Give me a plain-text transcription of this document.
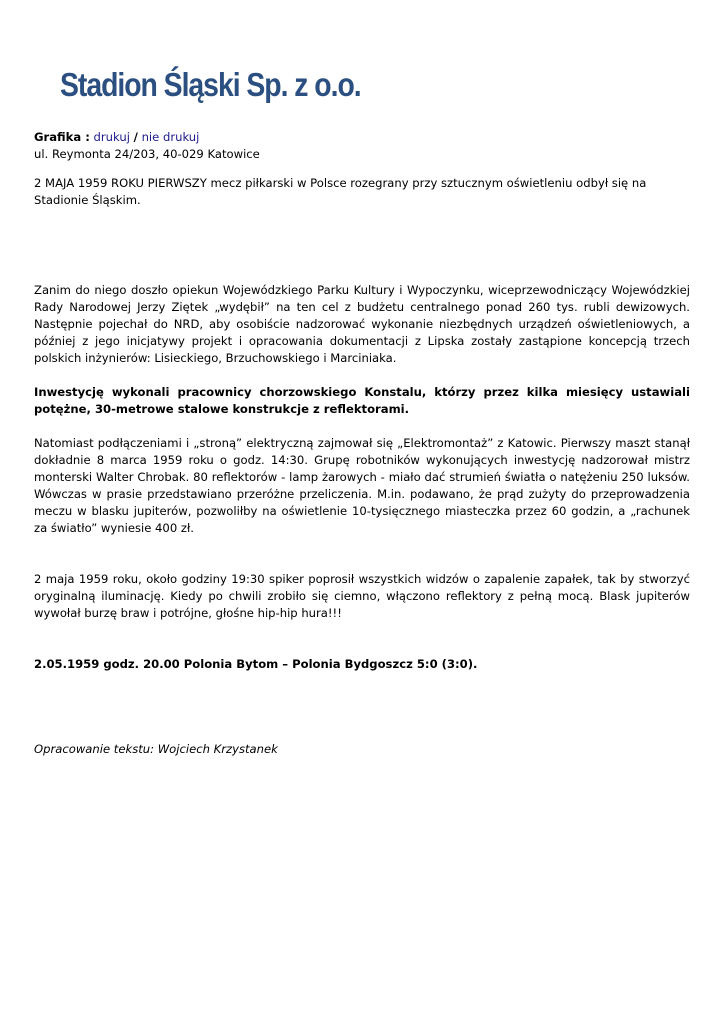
Stadion Śląski Sp. z o.o.
Grafika : drukuj / nie drukuj
ul. Reymonta 24/203, 40-029 Katowice

2 MAJA 1959 ROKU PIERWSZY mecz piłkarski w Polsce rozegrany przy sztucznym oświetleniu odbył się na Stadionie Śląskim.

Zanim do niego doszło opiekun Wojewódzkiego Parku Kultury i Wypoczynku, wiceprzewodniczący Wojewódzkiej Rady Narodowej Jerzy Ziętek „wydębił” na ten cel z budżetu centralnego ponad 260 tys. rubli dewizowych. Następnie pojechał do NRD, aby osobiście nadzorować wykonanie niezbędnych urządzeń oświetleniowych, a później z jego inicjatywy projekt i opracowania dokumentacji z Lipska zostały zastąpione koncepcją trzech polskich inżynierów: Lisieckiego, Brzuchowskiego i Marciniaka.

Inwestycję wykonali pracownicy chorzowskiego Konstalu, którzy przez kilka miesięcy ustawiali potężne, 30-metrowe stalowe konstrukcje z reflektorami.

Natomiast podłączeniami i „stroną” elektryczną zajmował się „Elektromontaż” z Katowic. Pierwszy maszt stanął dokładnie 8 marca 1959 roku o godz. 14:30. Grupę robotników wykonujących inwestycję nadzorował mistrz monterski Walter Chrobak. 80 reflektorów - lamp żarowych - miało dać strumień światła o natężeniu 250 luksów. Wówczas w prasie przedstawiano przeróżne przeliczenia. M.in. podawano, że prąd zużyty do przeprowadzenia meczu w blasku jupiterów, pozwoliłby na oświetlenie 10-tysięcznego miasteczka przez 60 godzin, a „rachunek za światło” wyniesie 400 zł.

2 maja 1959 roku, około godziny 19:30 spiker poprosił wszystkich widzów o zapalenie zapałek, tak by stworzyć oryginalną iluminację. Kiedy po chwili zrobiło się ciemno, włączono reflektory z pełną mocą. Blask jupiterów wywołał burzę braw i potrójne, głośne hip-hip hura!!!

2.05.1959 godz. 20.00 Polonia Bytom – Polonia Bydgoszcz 5:0 (3:0).

Opracowanie tekstu: Wojciech Krzystanek
